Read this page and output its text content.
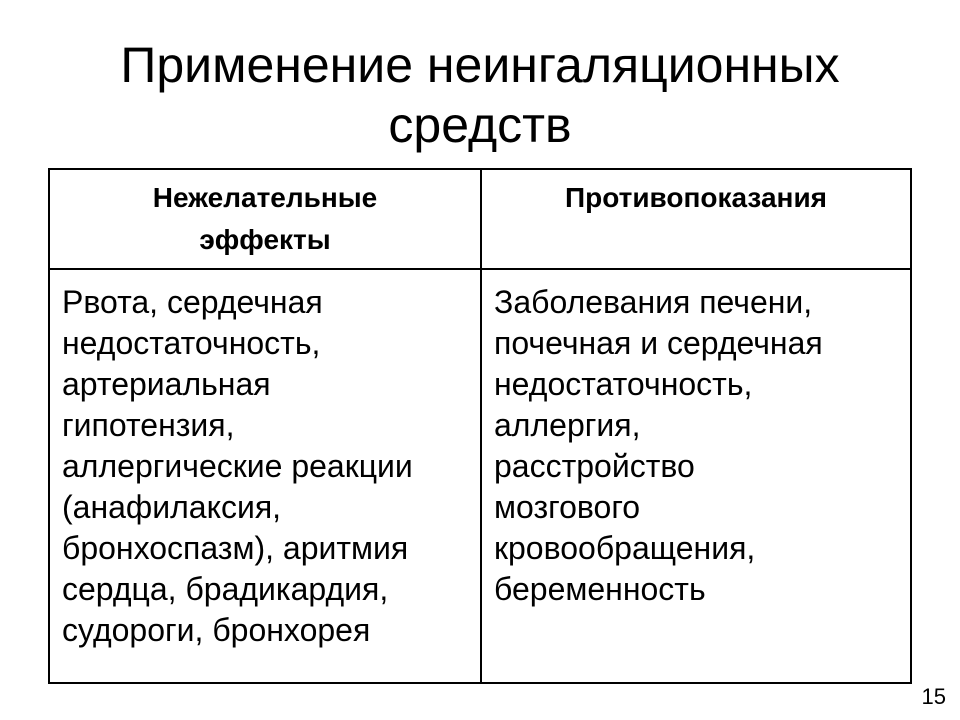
Применение неингаляционных
средств
Нежелательные
эффекты
Противопоказания
Рвота, сердечная
недостаточность,
артериальная
гипотензия,
аллергические реакции
(анафилаксия,
бронхоспазм), аритмия
сердца, брадикардия,
судороги, бронхорея
Заболевания печени,
почечная и сердечная
недостаточность,
аллергия,
расстройство
мозгового
кровообращения,
беременность
15
